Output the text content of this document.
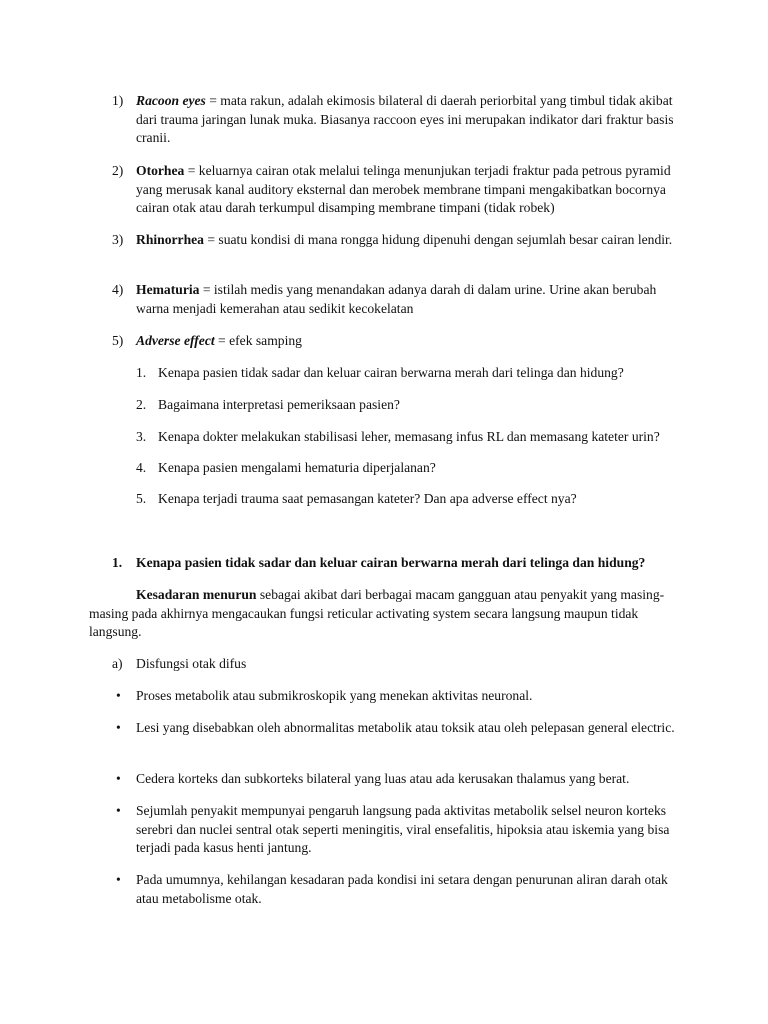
1) Racoon eyes = mata rakun, adalah ekimosis bilateral di daerah periorbital yang timbul tidak akibat dari trauma jaringan lunak muka. Biasanya raccoon eyes ini merupakan indikator dari fraktur basis cranii.
2) Otorhea = keluarnya cairan otak melalui telinga menunjukan terjadi fraktur pada petrous pyramid yang merusak kanal auditory eksternal dan merobek membrane timpani mengakibatkan bocornya cairan otak atau darah terkumpul disamping membrane timpani (tidak robek)
3) Rhinorrhea = suatu kondisi di mana rongga hidung dipenuhi dengan sejumlah besar cairan lendir.
4) Hematuria = istilah medis yang menandakan adanya darah di dalam urine. Urine akan berubah warna menjadi kemerahan atau sedikit kecokelatan
5) Adverse effect = efek samping
1. Kenapa pasien tidak sadar dan keluar cairan berwarna merah dari telinga dan hidung?
2. Bagaimana interpretasi pemeriksaan pasien?
3. Kenapa dokter melakukan stabilisasi leher, memasang infus RL dan memasang kateter urin?
4. Kenapa pasien mengalami hematuria diperjalanan?
5. Kenapa terjadi trauma saat pemasangan kateter? Dan apa adverse effect nya?
1.	Kenapa pasien tidak sadar dan keluar cairan berwarna merah dari telinga dan hidung?
Kesadaran menurun sebagai akibat dari berbagai macam gangguan atau penyakit yang masing-masing pada akhirnya mengacaukan fungsi reticular activating system secara langsung maupun tidak langsung.
a) Disfungsi otak difus
•	Proses metabolik atau submikroskopik yang menekan aktivitas neuronal.
•	Lesi yang disebabkan oleh abnormalitas metabolik atau toksik atau oleh pelepasan general electric.
•	Cedera korteks dan subkorteks bilateral yang luas atau ada kerusakan thalamus yang berat.
•	Sejumlah penyakit mempunyai pengaruh langsung pada aktivitas metabolik selsel neuron korteks serebri dan nuclei sentral otak seperti meningitis, viral ensefalitis, hipoksia atau iskemia yang bisa terjadi pada kasus henti jantung.
•	Pada umumnya, kehilangan kesadaran pada kondisi ini setara dengan penurunan aliran darah otak atau metabolisme otak.
